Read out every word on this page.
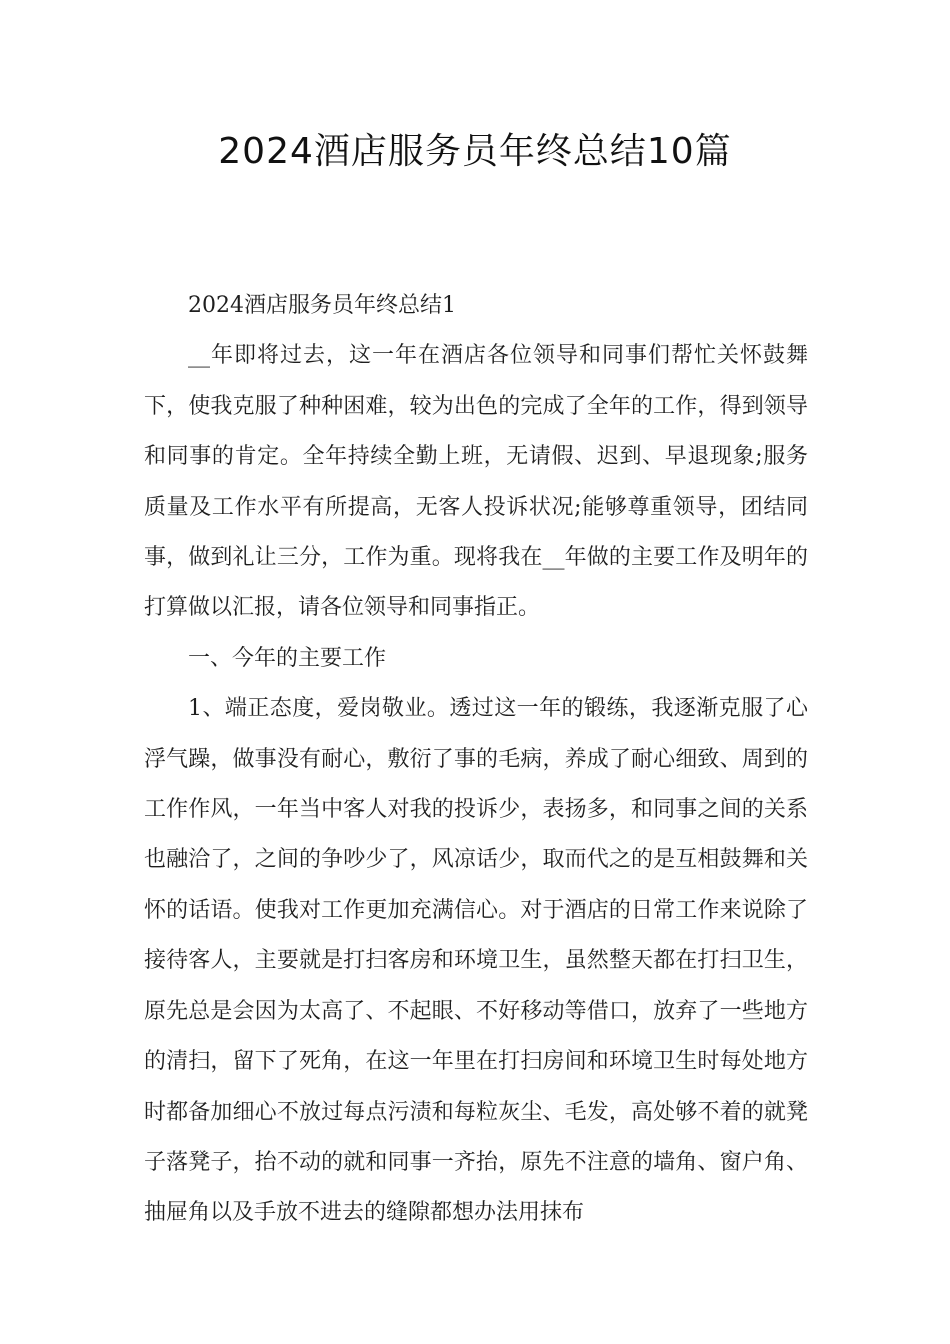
2024酒店服务员年终总结10篇

2024酒店服务员年终总结1

__年即将过去，这一年在酒店各位领导和同事们帮忙关怀鼓舞下，使我克服了种种困难，较为出色的完成了全年的工作，得到领导和同事的肯定。全年持续全勤上班，无请假、迟到、早退现象;服务质量及工作水平有所提高，无客人投诉状况;能够尊重领导，团结同事，做到礼让三分，工作为重。现将我在__年做的主要工作及明年的打算做以汇报，请各位领导和同事指正。

一、今年的主要工作

1、端正态度，爱岗敬业。透过这一年的锻练，我逐渐克服了心浮气躁，做事没有耐心，敷衍了事的毛病，养成了耐心细致、周到的工作作风，一年当中客人对我的投诉少，表扬多，和同事之间的关系也融洽了，之间的争吵少了，风凉话少，取而代之的是互相鼓舞和关怀的话语。使我对工作更加充满信心。对于酒店的日常工作来说除了接待客人，主要就是打扫客房和环境卫生，虽然整天都在打扫卫生，原先总是会因为太高了、不起眼、不好移动等借口，放弃了一些地方的清扫，留下了死角，在这一年里在打扫房间和环境卫生时每处地方时都备加细心不放过每点污渍和每粒灰尘、毛发，高处够不着的就凳子落凳子，抬不动的就和同事一齐抬，原先不注意的墙角、窗户角、抽屉角以及手放不进去的缝隙都想办法用抹布
